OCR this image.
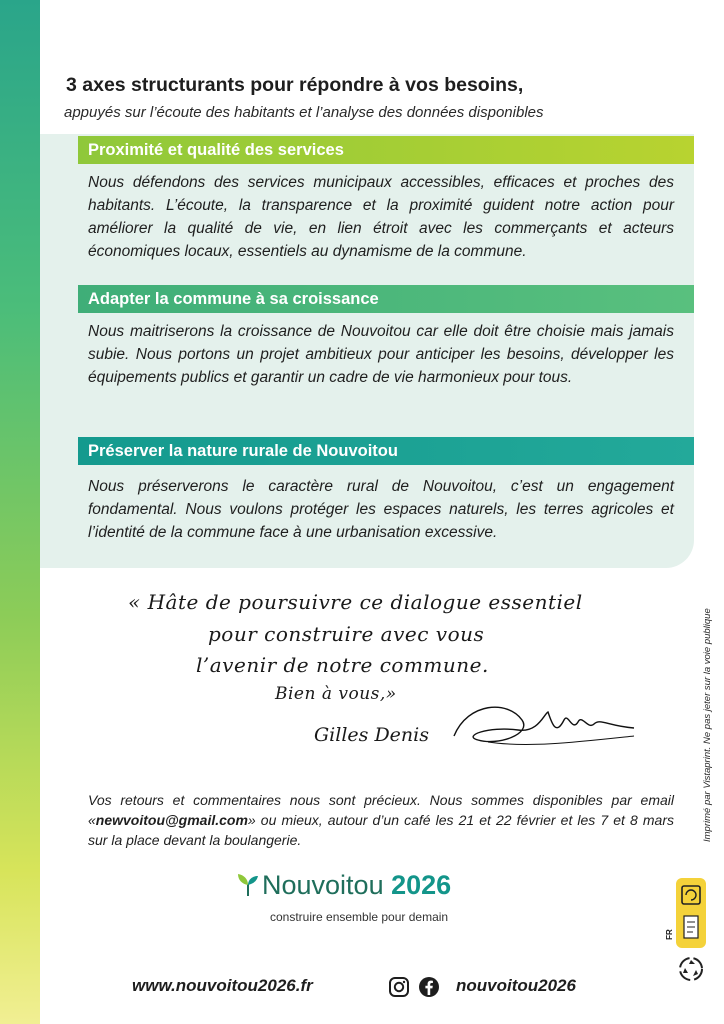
3 axes structurants pour répondre à vos besoins,

appuyés sur l’écoute des habitants et l’analyse des données disponibles

Proximité et qualité des services

Nous défendons des services municipaux accessibles, efficaces et proches des habitants. L’écoute, la transparence et la proximité guident notre action pour améliorer la qualité de vie, en lien étroit avec les commerçants et acteurs économiques locaux, essentiels au dynamisme de la commune.

Adapter la commune à sa croissance

Nous maitriserons la croissance de Nouvoitou car elle doit être choisie mais jamais subie. Nous portons un projet ambitieux pour anticiper les besoins, développer les équipements publics et garantir un cadre de vie harmonieux pour tous.

Préserver la nature rurale de Nouvoitou

Nous préserverons le caractère rural de Nouvoitou, c’est un engagement fondamental. Nous voulons protéger les espaces naturels, les terres agricoles et l’identité de la commune face à une urbanisation excessive.

« Hâte de poursuivre ce dialogue essentiel

pour construire avec vous

l’avenir de notre commune.

Bien à vous,»

Gilles Denis

Vos retours et commentaires nous sont précieux. Nous sommes disponibles par email «newvoitou@gmail.com» ou mieux, autour d’un café les 21 et 22 février et les 7 et 8 mars sur la place devant la boulangerie.	Imprimé par Vistaprint. Ne pas jeter sur la voie publique
Nouvoitou 2026
construire ensemble pour demain
www.nouvoitou2026.fr	nouvoitou2026
FR
